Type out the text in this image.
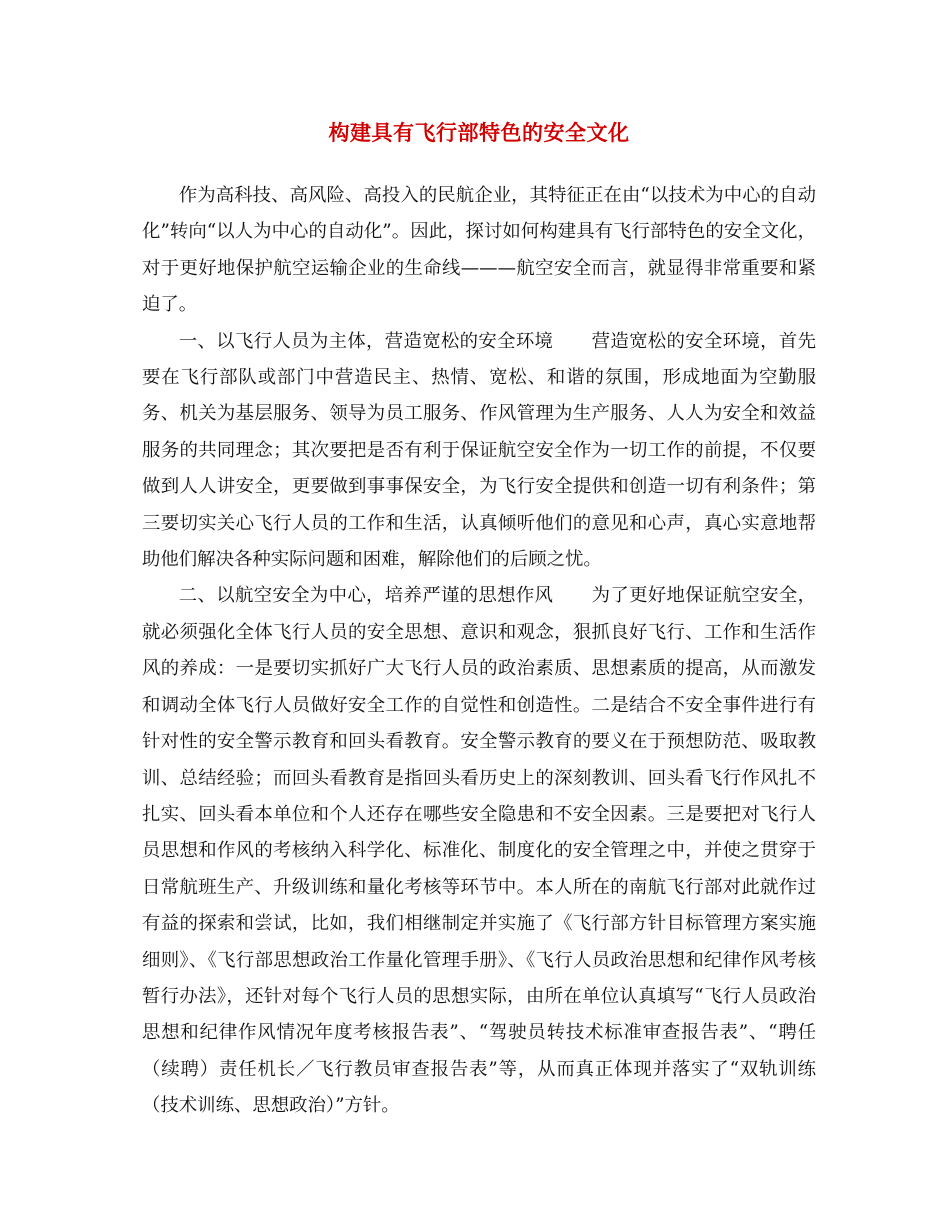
构建具有飞行部特色的安全文化

作为高科技、高风险、高投入的民航企业，其特征正在由“以技术为中心的自动化”转向“以人为中心的自动化”。因此，探讨如何构建具有飞行部特色的安全文化，对于更好地保护航空运输企业的生命线———航空安全而言，就显得非常重要和紧迫了。

一、以飞行人员为主体，营造宽松的安全环境 营造宽松的安全环境，首先要在飞行部队或部门中营造民主、热情、宽松、和谐的氛围，形成地面为空勤服务、机关为基层服务、领导为员工服务、作风管理为生产服务、人人为安全和效益服务的共同理念；其次要把是否有利于保证航空安全作为一切工作的前提，不仅要做到人人讲安全，更要做到事事保安全，为飞行安全提供和创造一切有利条件；第三要切实关心飞行人员的工作和生活，认真倾听他们的意见和心声，真心实意地帮助他们解决各种实际问题和困难，解除他们的后顾之忧。

二、以航空安全为中心，培养严谨的思想作风 为了更好地保证航空安全，就必须强化全体飞行人员的安全思想、意识和观念，狠抓良好飞行、工作和生活作风的养成：一是要切实抓好广大飞行人员的政治素质、思想素质的提高，从而激发和调动全体飞行人员做好安全工作的自觉性和创造性。二是结合不安全事件进行有针对性的安全警示教育和回头看教育。安全警示教育的要义在于预想防范、吸取教训、总结经验；而回头看教育是指回头看历史上的深刻教训、回头看飞行作风扎不扎实、回头看本单位和个人还存在哪些安全隐患和不安全因素。三是要把对飞行人员思想和作风的考核纳入科学化、标准化、制度化的安全管理之中，并使之贯穿于日常航班生产、升级训练和量化考核等环节中。本人所在的南航飞行部对此就作过有益的探索和尝试，比如，我们相继制定并实施了《飞行部方针目标管理方案实施细则》、《飞行部思想政治工作量化管理手册》、《飞行人员政治思想和纪律作风考核暂行办法》，还针对每个飞行人员的思想实际，由所在单位认真填写“飞行人员政治思想和纪律作风情况年度考核报告表”、“驾驶员转技术标准审查报告表”、“聘任（续聘）责任机长／飞行教员审查报告表”等，从而真正体现并落实了“双轨训练（技术训练、思想政治）”方针。
